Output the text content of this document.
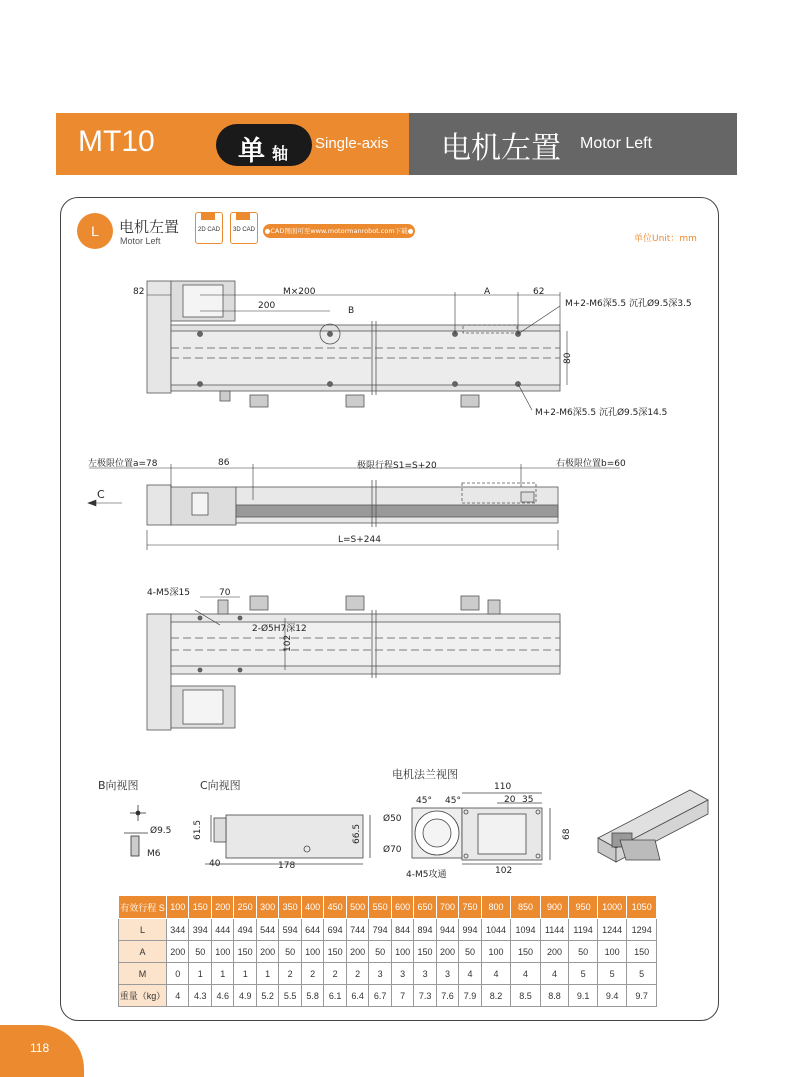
MT10	单 轴
Single-axis 电机左置 Motor Left
L	电机左置
Motor Left
2D CAD	3D CAD	●CAD图面可至www.motormanrobot.com下载●
单位Unit：mm
82	M×200	A	62
200	B
M+2-M6深5.5 沉孔Ø9.5深3.5
M+2-M6深5.5 沉孔Ø9.5深14.5
80
左极限位置a=78	86	极限行程S1=S+20	右极限位置b=60
C
L=S+244
4-M5深15	70
2-Ø5H7深12
102
B向视图	C向视图
电机法兰视图
Ø9.5
M6
61.5	66.5
40	178
110
20 35
45° 45°
Ø50
Ø70
68
102
4-M5攻通
有效行程 S	100	150	200	250	300	350	400	450	500	550	600	650	700	750	800	850	900	950	1000	1050
L	344	394	444	494	544	594	644	694	744	794	844	894	944	994	1044	1094	1144	1194	1244	1294
A	200	50	100	150	200	50	100	150	200	50	100	150	200	50	100	150	200	50	100	150
M	0	1	1	1	1	2	2	2	2	3	3	3	3	4	4	4	4	5	5	5
重量（kg）	4	4.3	4.6	4.9	5.2	5.5	5.8	6.1	6.4	6.7	7	7.3	7.6	7.9	8.2	8.5	8.8	9.1	9.4	9.7
118
